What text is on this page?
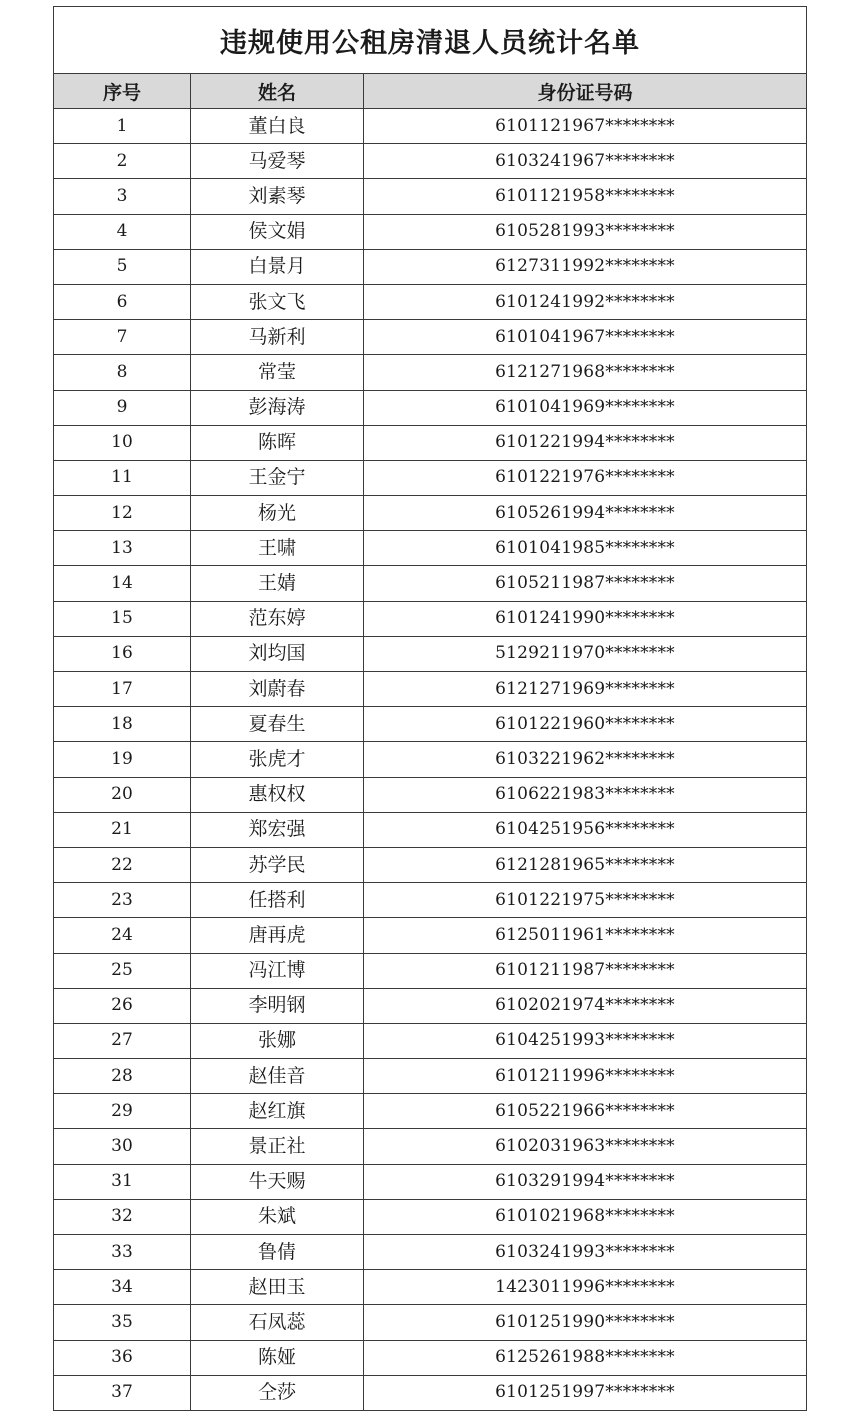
违规使用公租房清退人员统计名单		
序号	姓名	身份证号码
1	董白良	6101121967********
2	马爱琴	6103241967********
3	刘素琴	6101121958********
4	侯文娟	6105281993********
5	白景月	6127311992********
6	张文飞	6101241992********
7	马新利	6101041967********
8	常莹	6121271968********
9	彭海涛	6101041969********
10	陈晖	6101221994********
11	王金宁	6101221976********
12	杨光	6105261994********
13	王啸	6101041985********
14	王婧	6105211987********
15	范东婷	6101241990********
16	刘均国	5129211970********
17	刘蔚春	6121271969********
18	夏春生	6101221960********
19	张虎才	6103221962********
20	惠权权	6106221983********
21	郑宏强	6104251956********
22	苏学民	6121281965********
23	任搭利	6101221975********
24	唐再虎	6125011961********
25	冯江博	6101211987********
26	李明钢	6102021974********
27	张娜	6104251993********
28	赵佳音	6101211996********
29	赵红旗	6105221966********
30	景正社	6102031963********
31	牛天赐	6103291994********
32	朱斌	6101021968********
33	鲁倩	6103241993********
34	赵田玉	1423011996********
35	石凤蕊	6101251990********
36	陈娅	6125261988********
37	仝莎	6101251997********
